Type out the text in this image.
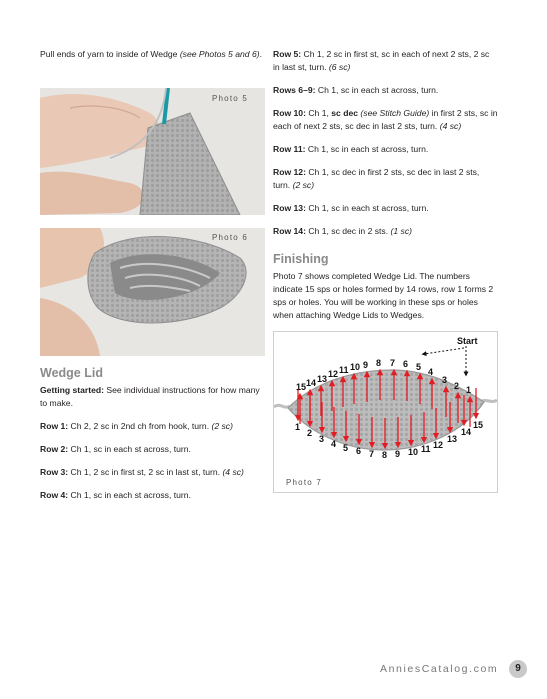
Pull ends of yarn to inside of Wedge (see Photos 5 and 6).
Photo 5
Photo 6
Wedge Lid

Getting started: See individual instructions for how many to make.

Row 1: Ch 2, 2 sc in 2nd ch from hook, turn. (2 sc)

Row 2: Ch 1, sc in each st across, turn.

Row 3: Ch 1, 2 sc in first st, 2 sc in last st, turn. (4 sc)

Row 4: Ch 1, sc in each st across, turn.

Row 5: Ch 1, 2 sc in first st, sc in each of next 2 sts, 2 sc in last st, turn. (6 sc)

Rows 6–9: Ch 1, sc in each st across, turn.

Row 10: Ch 1, sc dec (see Stitch Guide) in first 2 sts, sc in each of next 2 sts, sc dec in last 2 sts, turn. (4 sc)

Row 11: Ch 1, sc in each st across, turn.

Row 12: Ch 1, sc dec in first 2 sts, sc dec in last 2 sts, turn. (2 sc)

Row 13: Ch 1, sc in each st across, turn.

Row 14: Ch 1, sc dec in 2 sts. (1 sc)

Finishing

Photo 7 shows completed Wedge Lid. The numbers indicate 15 sps or holes formed by 14 rows, row 1 forms 2 sps or holes. You will be working in these sps or holes when attaching Wedge Lids to Wedges.

15 14 13 12 11 10 9 8 7 6 5 4
3
2 1
1
2
3 4 5 6 7 8 9 10 11 12
13
14
15
Start
Photo 7
AnniesCatalog.com	9
